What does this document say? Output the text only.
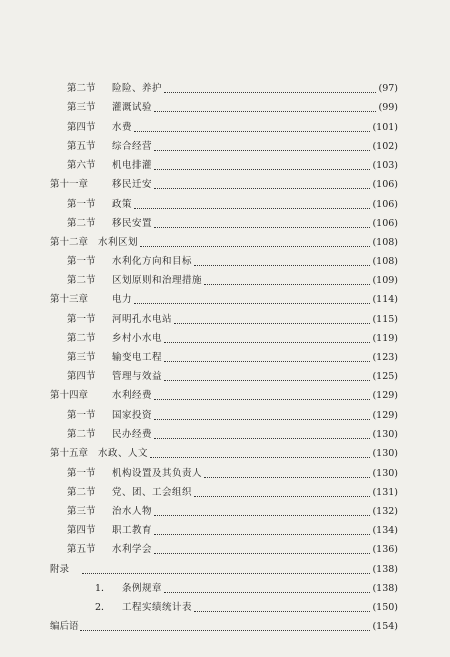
第二节	险险、养护	(97)
第三节	灌溉试验	(99)
第四节	水费	(101)
第五节	综合经营	(102)
第六节	机电排灌	(103)
第十一章	移民迁安	(106)
第一节	政策	(106)
第二节	移民安置	(106)
第十二章	水利区划	(108)
第一节	水利化方向和目标	(108)
第二节	区划原则和治理措施	(109)
第十三章	电力	(114)
第一节	河明孔水电站	(115)
第二节	乡村小水电	(119)
第三节	输变电工程	(123)
第四节	管理与效益	(125)
第十四章	水利经费	(129)
第一节	国家投资	(129)
第二节	民办经费	(130)
第十五章	水政、人文	(130)
第一节	机构设置及其负责人	(130)
第二节	党、团、工会组织	(131)
第三节	治水人物	(132)
第四节	职工教育	(134)
第五节	水利学会	(136)
附录	(138)
1．	条例规章	(138)
2．	工程实绩统计表	(150)
编后语	(154)
